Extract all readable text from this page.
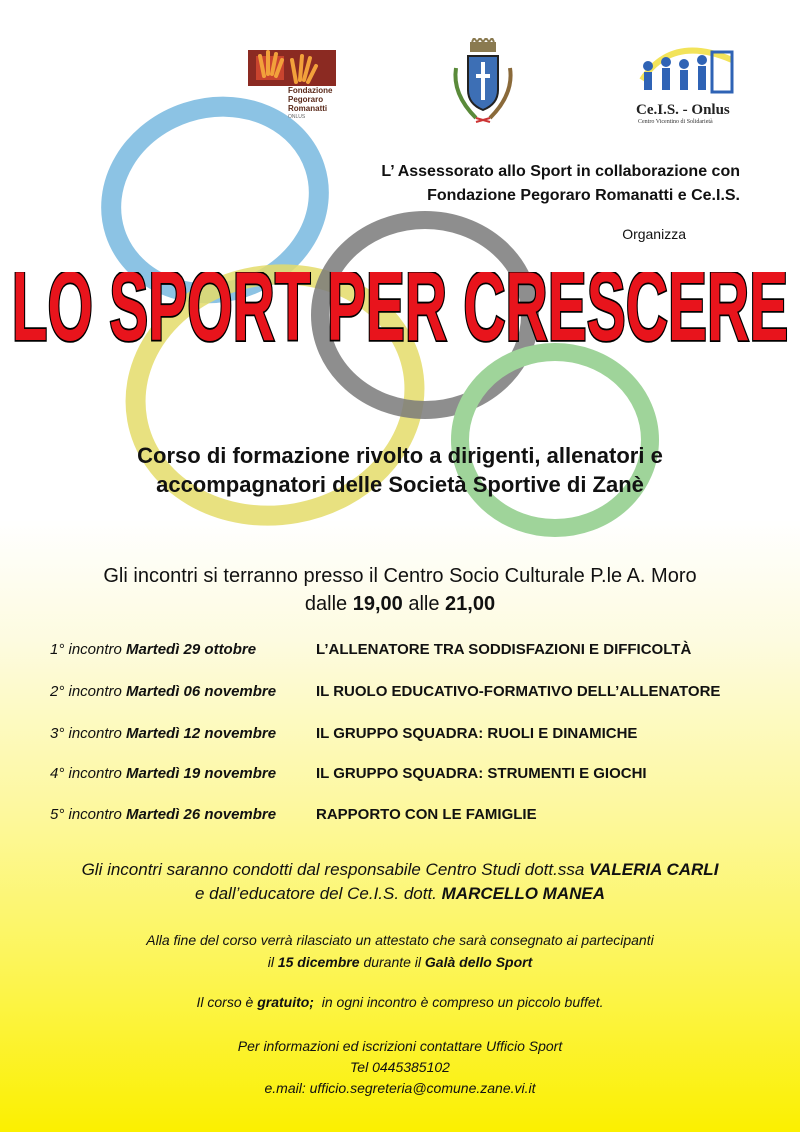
Fondazione
Pegoraro
Romanatti
ONLUS	Ce.I.S. - Onlus
Centro Vicentino di Solidarietà
L’ Assessorato allo Sport in collaborazione con
Fondazione Pegoraro Romanatti e Ce.I.S.
Organizza
LO SPORT PER CRESCERE
Corso di formazione rivolto a dirigenti, allenatori e
accompagnatori delle Società Sportive di Zanè
Gli incontri si terranno presso il Centro Socio Culturale P.le A. Moro
dalle 19,00 alle 21,00
1° incontro Martedì 29 ottobre	L’ALLENATORE TRA SODDISFAZIONI E DIFFICOLTÀ
2° incontro Martedì 06 novembre	IL RUOLO EDUCATIVO-FORMATIVO DELL’ALLENATORE
3° incontro Martedì 12 novembre	IL GRUPPO SQUADRA: RUOLI E DINAMICHE
4° incontro Martedì 19 novembre	IL GRUPPO SQUADRA: STRUMENTI E GIOCHI
5° incontro Martedì 26 novembre	RAPPORTO CON LE FAMIGLIE
Gli incontri saranno condotti dal responsabile Centro Studi dott.ssa VALERIA CARLI
e dall’educatore del Ce.I.S. dott. MARCELLO MANEA
Alla fine del corso verrà rilasciato un attestato che sarà consegnato ai partecipanti
il 15 dicembre durante il Galà dello Sport
Il corso è gratuito; in ogni incontro è compreso un piccolo buffet.
Per informazioni ed iscrizioni contattare Ufficio Sport
Tel 0445385102
e.mail: ufficio.segreteria@comune.zane.vi.it
